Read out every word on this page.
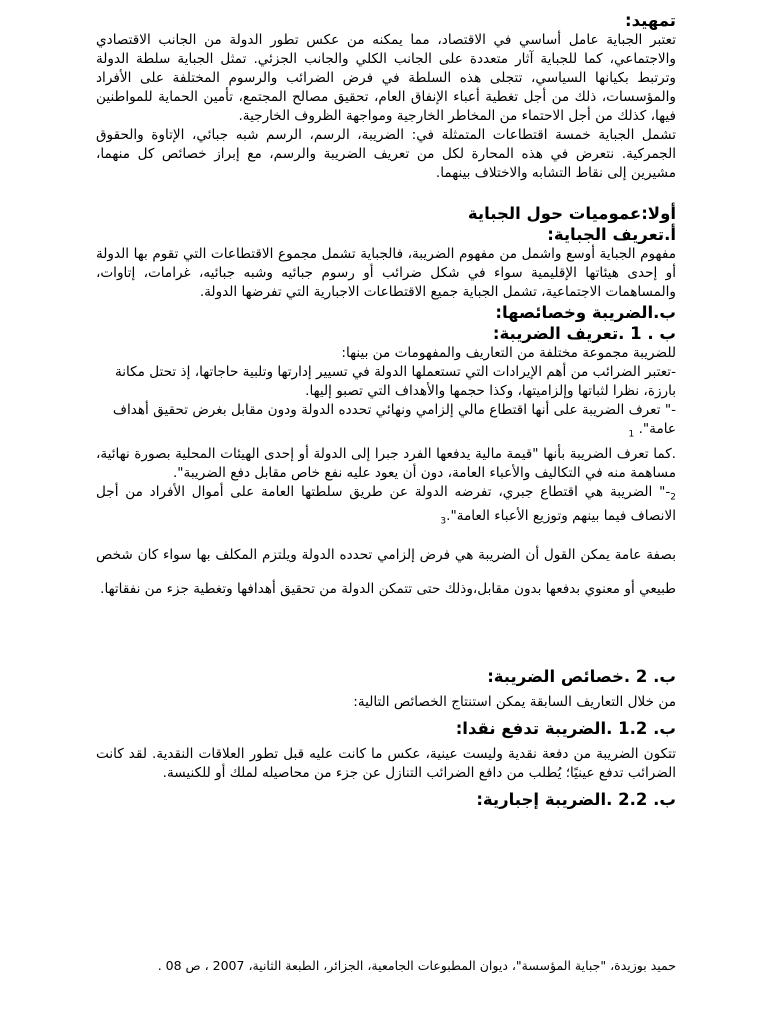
تمهيد:

تعتبر الجباية عامل أساسي في الاقتصاد، مما يمكنه من عكس تطور الدولة من الجانب الاقتصادي والاجتماعي، كما للجباية آثار متعددة على الجانب الكلي والجانب الجزئي. تمثل الجباية سلطة الدولة وترتبط بكيانها السياسي، تتجلى هذه السلطة في فرض الضرائب والرسوم المختلفة على الأفراد والمؤسسات، ذلك من أجل تغطية أعباء الإنفاق العام، تحقيق مصالح المجتمع، تأمين الحماية للمواطنين فيها، كذلك من أجل الاحتماء من المخاطر الخارجية ومواجهة الظروف الخارجية.

تشمل الجباية خمسة اقتطاعات المتمثلة في: الضريبة، الرسم، الرسم شبه جبائي، الإتاوة والحقوق الجمركية. نتعرض في هذه المحارة لكل من تعريف الضريبة والرسم، مع إبراز خصائص كل منهما، مشيرين إلى نقاط التشابه والاختلاف بينهما.

أولا:عموميات حول الجباية
أ.تعريف الجباية:

مفهوم الجباية أوسع واشمل من مفهوم الضريبة، فالجباية تشمل مجموع الاقتطاعات التي تقوم بها الدولة أو إحدى هيئاتها الإقليمية سواء في شكل ضرائب أو رسوم جبائيه وشبه جبائيه، غرامات، إتاوات، والمساهمات الاجتماعية، تشمل الجباية جميع الاقتطاعات الاجبارية التي تفرضها الدولة.

ب.الضريبة وخصائصها:
ب . 1 .تعريف الضريبة:

للضريبة مجموعة مختلفة من التعاريف والمفهومات من بينها:

-تعتبر الضرائب من أهم الإيرادات التي تستعملها الدولة في تسيير إدارتها وتلبية حاجاتها، إذ تحتل مكانة

بارزة، نظرا لثباتها وإلزاميتها، وكذا حجمها والأهداف التي تصبو إليها.

-" تعرف الضريبة على أنها اقتطاع مالي إلزامي ونهائي تحدده الدولة ودون مقابل بغرض تحقيق أهداف

عامة". $_1$

.كما تعرف الضريبة بأنها "قيمة مالية يدفعها الفرد جبرا إلى الدولة أو إحدى الهيئات المحلية بصورة نهائية، مساهمة منه في التكاليف والأعباء العامة، دون أن يعود عليه نفع خاص مقابل دفع الضريبة".

$_2$-" الضريبة هي اقتطاع جبري، تفرضه الدولة عن طريق سلطتها العامة على أموال الأفراد من أجل الانصاف فيما بينهم وتوزيع الأعباء $العامة"._3$

بصفة عامة يمكن القول أن الضريبة هي فرض إلزامي تحدده الدولة ويلتزم المكلف بها سواء كان شخص طبيعي أو معنوي بدفعها بدون مقابل،وذلك حتى تتمكن الدولة من تحقيق أهدافها وتغطية جزء من نفقاتها.

ب. 2 .خصائص الضريبة:

من خلال التعاريف السابقة يمكن استنتاج الخصائص التالية:

ب. 1.2 .الضريبة تدفع نقدا:

تتكون الضريبة من دفعة نقدية وليست عينية، عكس ما كانت عليه قبل تطور العلاقات النقدية. لقد كانت الضرائب تدفع عينيًا؛ يُطلب من دافع الضرائب التنازل عن جزء من محاصيله لملك أو للكنيسة.

ب. 2.2 .الضريبة إجبارية:
حميد بوزيدة، "جباية المؤسسة"، ديوان المطبوعات الجامعية، الجزائر، الطبعة الثانية، 2007 ، ص 08 .
